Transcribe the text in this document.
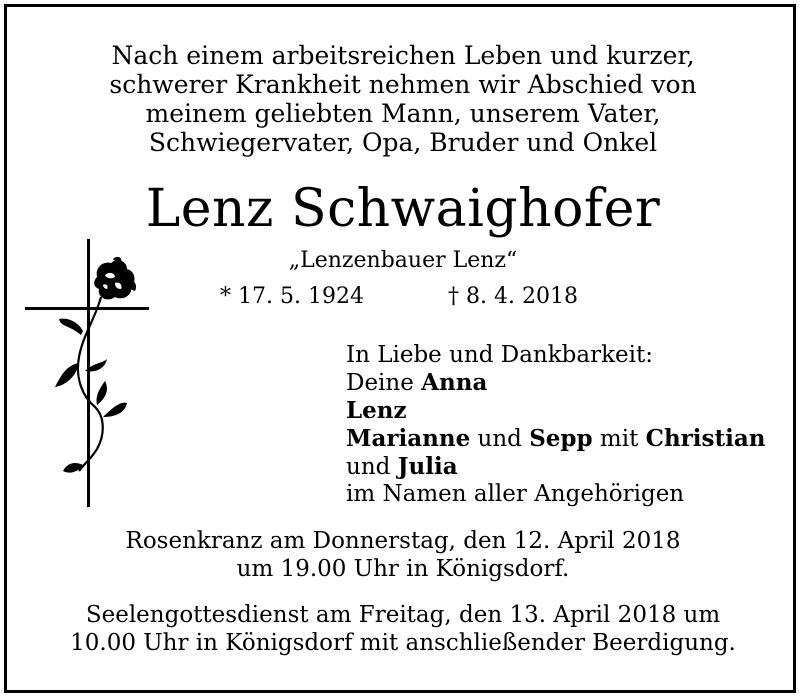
Nach einem arbeitsreichen Leben und kurzer,
schwerer Krankheit nehmen wir Abschied von
meinem geliebten Mann, unserem Vater,
Schwiegervater, Opa, Bruder und Onkel
Lenz Schwaighofer
„Lenzenbauer Lenz“
* 17. 5. 1924	† 8. 4. 2018
In Liebe und Dankbarkeit:
Deine Anna
Lenz
Marianne und Sepp mit Christian
und Julia
im Namen aller Angehörigen
Rosenkranz am Donnerstag, den 12. April 2018
um 19.00 Uhr in Königsdorf.
Seelengottesdienst am Freitag, den 13. April 2018 um
10.00 Uhr in Königsdorf mit anschließender Beerdigung.
